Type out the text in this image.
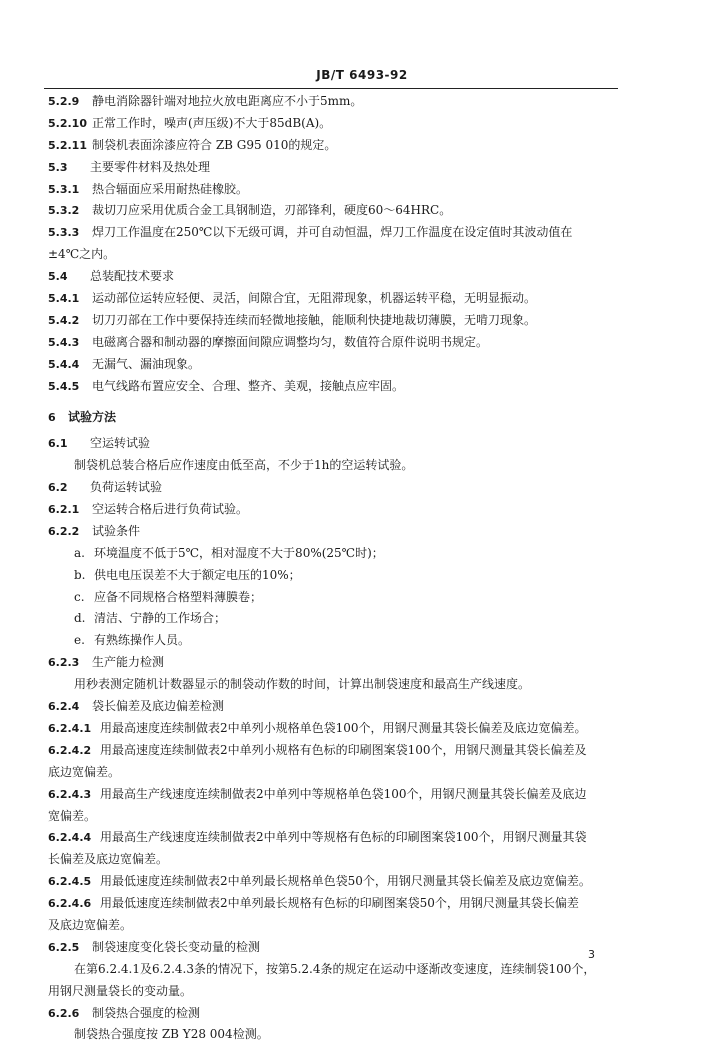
JB/T 6493-92
5.2.9 静电消除器针端对地拉火放电距离应不小于5mm。
5.2.10 正常工作时，噪声(声压级)不大于85dB(A)。
5.2.11 制袋机表面涂漆应符合 ZB G95 010的规定。
5.3 主要零件材料及热处理
5.3.1 热合辐面应采用耐热硅橡胶。
5.3.2 裁切刀应采用优质合金工具钢制造，刃部锋利，硬度60～64HRC。
5.3.3 焊刀工作温度在250℃以下无级可调，并可自动恒温，焊刀工作温度在设定值时其波动值在
±4℃之内。
5.4 总装配技术要求
5.4.1 运动部位运转应轻便、灵活，间隙合宜，无阻滞现象，机器运转平稳，无明显振动。
5.4.2 切刀刃部在工作中要保持连续而轻微地接触，能顺利快捷地裁切薄膜，无啃刀现象。
5.4.3 电磁离合器和制动器的摩擦面间隙应调整均匀，数值符合原件说明书规定。
5.4.4 无漏气、漏油现象。
5.4.5 电气线路布置应安全、合理、整齐、美观，接触点应牢固。
6 试验方法
6.1 空运转试验
制袋机总装合格后应作速度由低至高，不少于1h的空运转试验。
6.2 负荷运转试验
6.2.1 空运转合格后进行负荷试验。
6.2.2 试验条件
a. 环境温度不低于5℃，相对湿度不大于80%(25℃时)；
b. 供电电压误差不大于额定电压的10%；
c. 应备不同规格合格塑料薄膜卷；
d. 清洁、宁静的工作场合；
e. 有熟练操作人员。
6.2.3 生产能力检测
用秒表测定随机计数器显示的制袋动作数的时间，计算出制袋速度和最高生产线速度。
6.2.4 袋长偏差及底边偏差检测
6.2.4.1 用最高速度连续制做表2中单列小规格单色袋100个，用钢尺测量其袋长偏差及底边宽偏差。
6.2.4.2 用最高速度连续制做表2中单列小规格有色标的印刷图案袋100个，用钢尺测量其袋长偏差及
底边宽偏差。
6.2.4.3 用最高生产线速度连续制做表2中单列中等规格单色袋100个，用钢尺测量其袋长偏差及底边
宽偏差。
6.2.4.4 用最高生产线速度连续制做表2中单列中等规格有色标的印刷图案袋100个，用钢尺测量其袋
长偏差及底边宽偏差。
6.2.4.5 用最低速度连续制做表2中单列最长规格单色袋50个，用钢尺测量其袋长偏差及底边宽偏差。
6.2.4.6 用最低速度连续制做表2中单列最长规格有色标的印刷图案袋50个，用钢尺测量其袋长偏差
及底边宽偏差。
6.2.5 制袋速度变化袋长变动量的检测
在第6.2.4.1及6.2.4.3条的情况下，按第5.2.4条的规定在运动中逐渐改变速度，连续制袋100个，
用钢尺测量袋长的变动量。
6.2.6 制袋热合强度的检测
制袋热合强度按 ZB Y28 004检测。
3
